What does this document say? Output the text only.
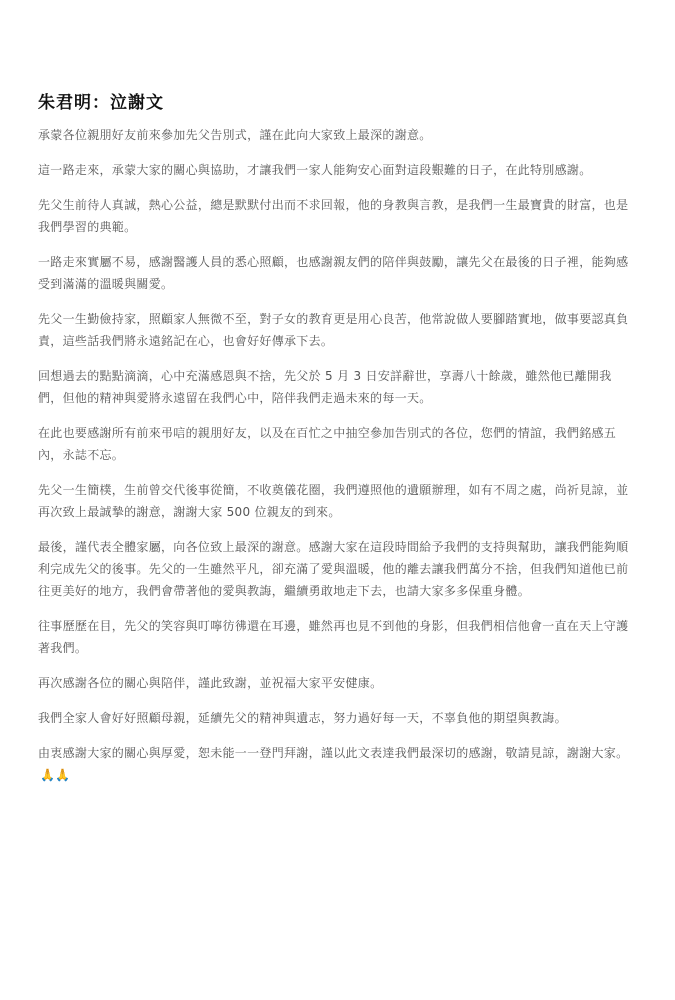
朱君明：泣謝文

承蒙各位親朋好友前來參加先父告別式，謹在此向大家致上最深的謝意。

這一路走來，承蒙大家的關心與協助，才讓我們一家人能夠安心面對這段艱難的日子，在此特別感謝。

先父生前待人真誠，熱心公益，總是默默付出而不求回報，他的身教與言教，是我們一生最寶貴的財富，也是我們學習的典範。

一路走來實屬不易，感謝醫護人員的悉心照顧，也感謝親友們的陪伴與鼓勵，讓先父在最後的日子裡，能夠感受到滿滿的溫暖與關愛。

先父一生勤儉持家，照顧家人無微不至，對子女的教育更是用心良苦，他常說做人要腳踏實地，做事要認真負責，這些話我們將永遠銘記在心，也會好好傳承下去。

回想過去的點點滴滴，心中充滿感恩與不捨，先父於 5 月 3 日安詳辭世，享壽八十餘歲，雖然他已離開我們，但他的精神與愛將永遠留在我們心中，陪伴我們走過未來的每一天。

在此也要感謝所有前來弔唁的親朋好友，以及在百忙之中抽空參加告別式的各位，您們的情誼，我們銘感五內，永誌不忘。

先父一生簡樸，生前曾交代後事從簡，不收奠儀花圈，我們遵照他的遺願辦理，如有不周之處，尚祈見諒，並再次致上最誠摯的謝意，謝謝大家 500 位親友的到來。

最後，謹代表全體家屬，向各位致上最深的謝意。感謝大家在這段時間給予我們的支持與幫助，讓我們能夠順利完成先父的後事。先父的一生雖然平凡，卻充滿了愛與溫暖，他的離去讓我們萬分不捨，但我們知道他已前往更美好的地方，我們會帶著他的愛與教誨，繼續勇敢地走下去，也請大家多多保重身體。

往事歷歷在目，先父的笑容與叮嚀彷彿還在耳邊，雖然再也見不到他的身影，但我們相信他會一直在天上守護著我們。

再次感謝各位的關心與陪伴，謹此致謝，並祝福大家平安健康。

我們全家人會好好照顧母親，延續先父的精神與遺志，努力過好每一天，不辜負他的期望與教誨。

由衷感謝大家的關心與厚愛，恕未能一一登門拜謝，謹以此文表達我們最深切的感謝，敬請見諒，謝謝大家。🙏🙏
